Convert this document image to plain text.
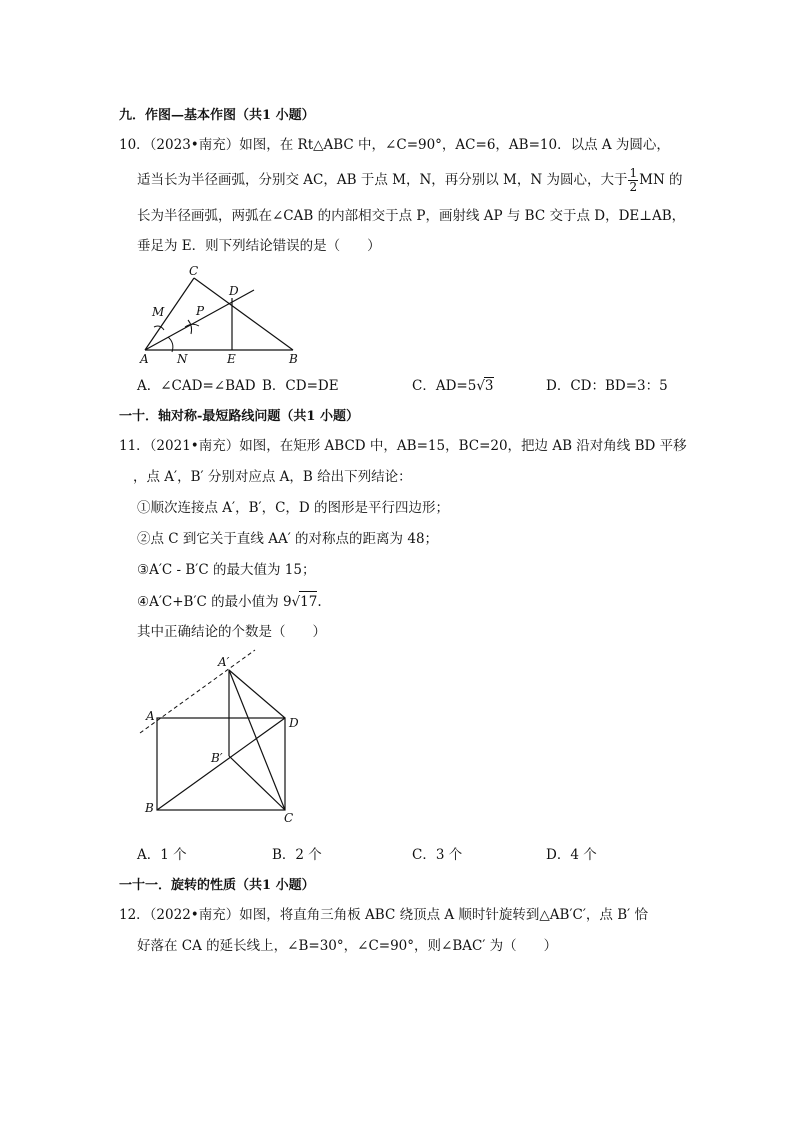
九．作图—基本作图（共1 小题）
10．（2023•南充）如图，在 Rt△ABC 中，∠C=90°，AC=6，AB=10．以点 A 为圆心，
适当长为半径画弧，分别交 AC，AB 于点 M，N，再分别以 M，N 为圆心，大于 $\frac{1}{2}$ MN 的
长为半径画弧，两弧在∠CAB 的内部相交于点 P，画射线 AP 与 BC 交于点 D，DE⊥AB，
垂足为 E．则下列结论错误的是（　　）
C
D
M	P
A N	E	B
A．∠CAD=∠BAD B．CD=DE	C．AD=5√3	D．CD：BD=3：5
一十．轴对称-最短路线问题（共1 小题）
11．（2021•南充）如图，在矩形 ABCD 中，AB=15，BC=20，把边 AB 沿对角线 BD 平移
，点 A′，B′ 分别对应点 A，B 给出下列结论：
①顺次连接点 A′，B′，C，D 的图形是平行四边形；
②点 C 到它关于直线 AA′ 的对称点的距离为 48；
③A′C - B′C 的最大值为 15；
④A′C+B′C 的最小值为 9√17.
其中正确结论的个数是（　　）
A′
A	D
B′
B
C
A．1 个	B．2 个	C．3 个	D．4 个
一十一．旋转的性质（共1 小题）
12．（2022•南充）如图，将直角三角板 ABC 绕顶点 A 顺时针旋转到△AB′C′，点 B′ 恰
好落在 CA 的延长线上，∠B=30°，∠C=90°，则∠BAC′ 为（　　）
